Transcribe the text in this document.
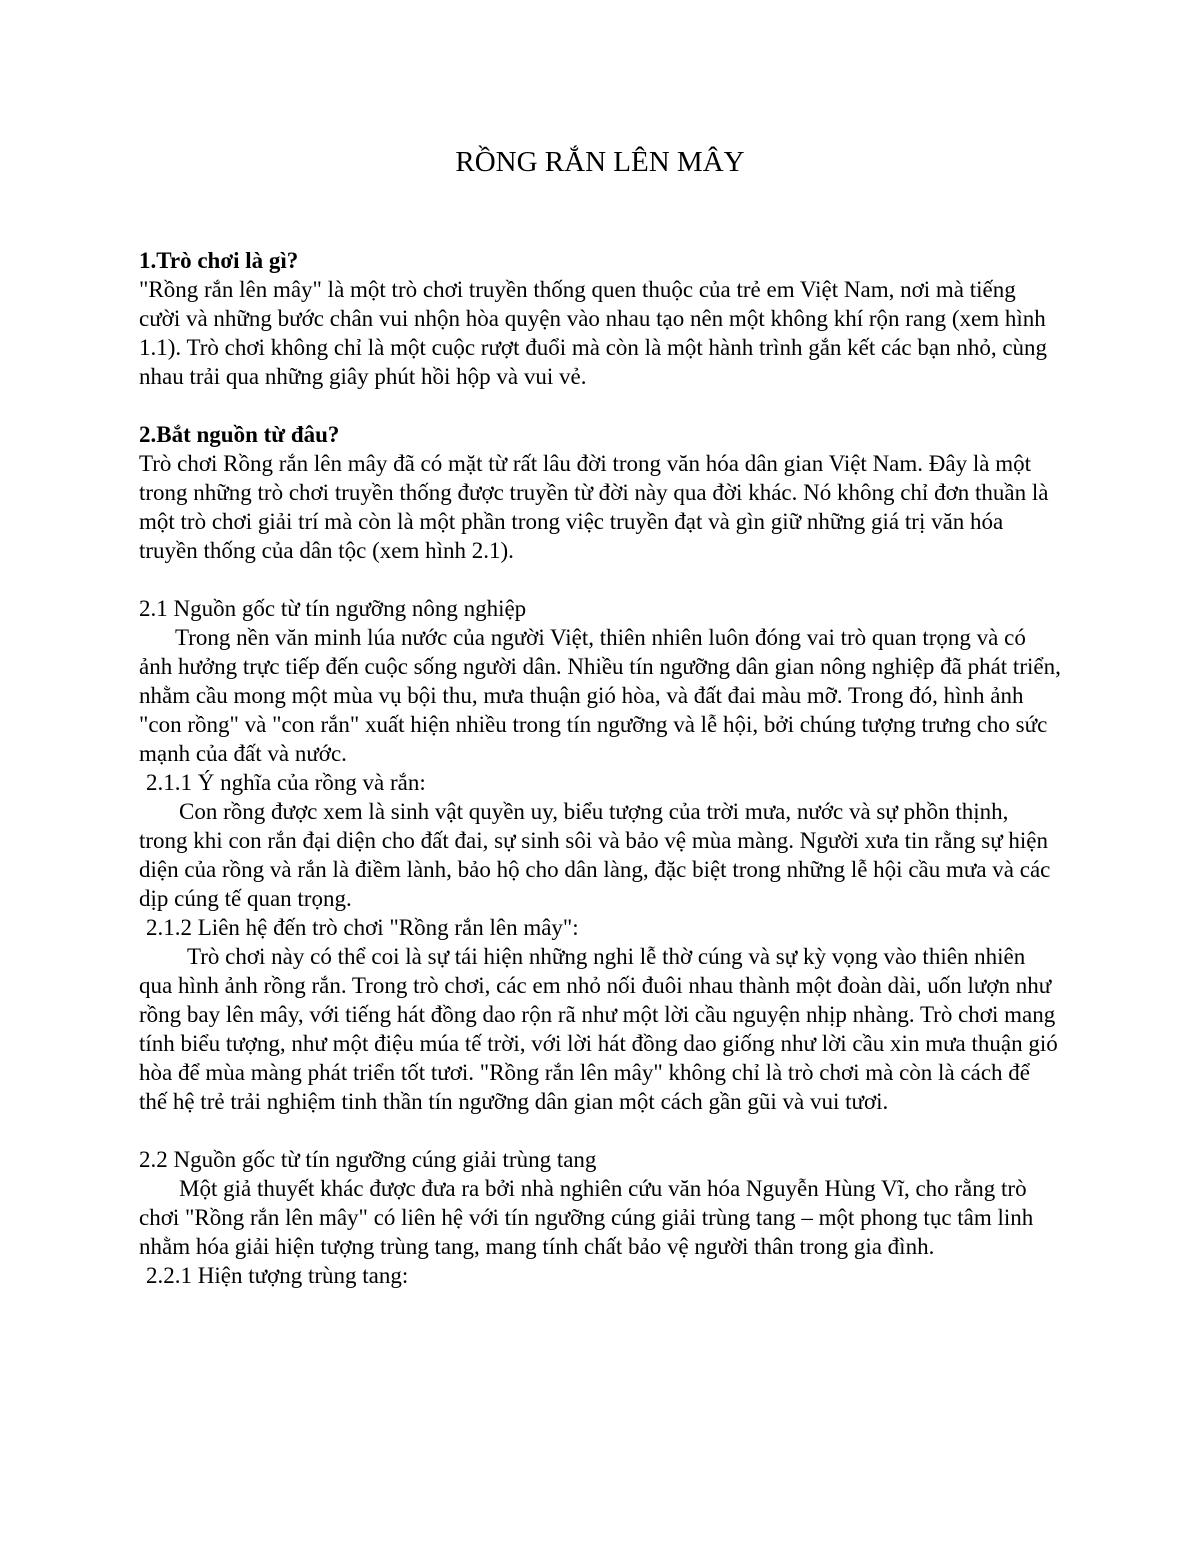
RỒNG RẮN LÊN MÂY

1.Trò chơi là gì?

"Rồng rắn lên mây" là một trò chơi truyền thống quen thuộc của trẻ em Việt Nam, nơi mà tiếng cười và những bước chân vui nhộn hòa quyện vào nhau tạo nên một không khí rộn rang (xem hình 1.1). Trò chơi không chỉ là một cuộc rượt đuổi mà còn là một hành trình gắn kết các bạn nhỏ, cùng nhau trải qua những giây phút hồi hộp và vui vẻ.

2.Bắt nguồn từ đâu?

Trò chơi Rồng rắn lên mây đã có mặt từ rất lâu đời trong văn hóa dân gian Việt Nam. Đây là một trong những trò chơi truyền thống được truyền từ đời này qua đời khác. Nó không chỉ đơn thuần là một trò chơi giải trí mà còn là một phần trong việc truyền đạt và gìn giữ những giá trị văn hóa truyền thống của dân tộc (xem hình 2.1).

2.1 Nguồn gốc từ tín ngưỡng nông nghiệp

Trong nền văn minh lúa nước của người Việt, thiên nhiên luôn đóng vai trò quan trọng và có ảnh hưởng trực tiếp đến cuộc sống người dân. Nhiều tín ngưỡng dân gian nông nghiệp đã phát triển, nhằm cầu mong một mùa vụ bội thu, mưa thuận gió hòa, và đất đai màu mỡ. Trong đó, hình ảnh "con rồng" và "con rắn" xuất hiện nhiều trong tín ngưỡng và lễ hội, bởi chúng tượng trưng cho sức mạnh của đất và nước.

2.1.1 Ý nghĩa của rồng và rắn:

Con rồng được xem là sinh vật quyền uy, biểu tượng của trời mưa, nước và sự phồn thịnh, trong khi con rắn đại diện cho đất đai, sự sinh sôi và bảo vệ mùa màng. Người xưa tin rằng sự hiện diện của rồng và rắn là điềm lành, bảo hộ cho dân làng, đặc biệt trong những lễ hội cầu mưa và các dịp cúng tế quan trọng.

2.1.2 Liên hệ đến trò chơi "Rồng rắn lên mây":

Trò chơi này có thể coi là sự tái hiện những nghi lễ thờ cúng và sự kỳ vọng vào thiên nhiên qua hình ảnh rồng rắn. Trong trò chơi, các em nhỏ nối đuôi nhau thành một đoàn dài, uốn lượn như rồng bay lên mây, với tiếng hát đồng dao rộn rã như một lời cầu nguyện nhịp nhàng. Trò chơi mang tính biểu tượng, như một điệu múa tế trời, với lời hát đồng dao giống như lời cầu xin mưa thuận gió hòa để mùa màng phát triển tốt tươi. "Rồng rắn lên mây" không chỉ là trò chơi mà còn là cách để thế hệ trẻ trải nghiệm tinh thần tín ngưỡng dân gian một cách gần gũi và vui tươi.

2.2 Nguồn gốc từ tín ngưỡng cúng giải trùng tang

Một giả thuyết khác được đưa ra bởi nhà nghiên cứu văn hóa Nguyễn Hùng Vĩ, cho rằng trò chơi "Rồng rắn lên mây" có liên hệ với tín ngưỡng cúng giải trùng tang – một phong tục tâm linh nhằm hóa giải hiện tượng trùng tang, mang tính chất bảo vệ người thân trong gia đình.

2.2.1 Hiện tượng trùng tang:
